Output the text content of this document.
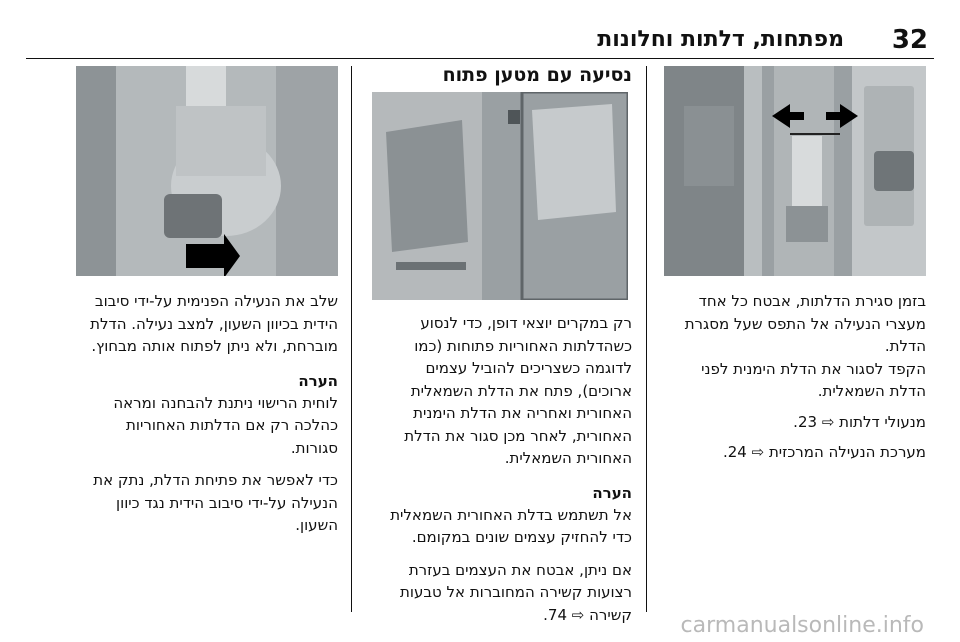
32
מפתחות, דלתות וחלונות

בזמן סגירת הדלתות, אבטח כל אחד מעצרי הנעילה אל התפס שעל מסגרת הדלת.

הקפד לסגור את הדלת הימנית לפני הדלת השמאלית.

מנעולי דלתות ⇨ 23.

מערכת הנעילה המרכזית ⇨ 24.

נסיעה עם מטען פתוח

רק במקרים יוצאי דופן, כדי לנסוע כשהדלתות האחוריות פתוחות (כמו לדוגמה כשצריכים להוביל עצמים ארוכים), פתח את הדלת השמאלית האחורית ואחריה את הדלת הימנית האחורית, לאחר מכן סגור את הדלת האחורית השמאלית.

הערה

אל תשתמש בדלת האחורית השמאלית כדי להחזיק עצמים שונים במקומם.

אם ניתן, אבטח את העצמים בעזרת רצועות קשירה המחוברות אל טבעות קשירה ⇨ 74.

שלב את הנעילה הפנימית על-ידי סיבוב הידית בכיוון השעון, למצב נעילה. הדלת מוברחת, ולא ניתן לפתוח אותה מבחוץ.

הערה

לוחית הרישוי ניתנת להבחנה ומראה כהלכה רק אם הדלתות האחוריות סגורות.

כדי לאפשר את פתיחת הדלת, נתק את הנעילה על-ידי סיבוב הידית נגד כיוון השעון.

carmanualsonline.info
